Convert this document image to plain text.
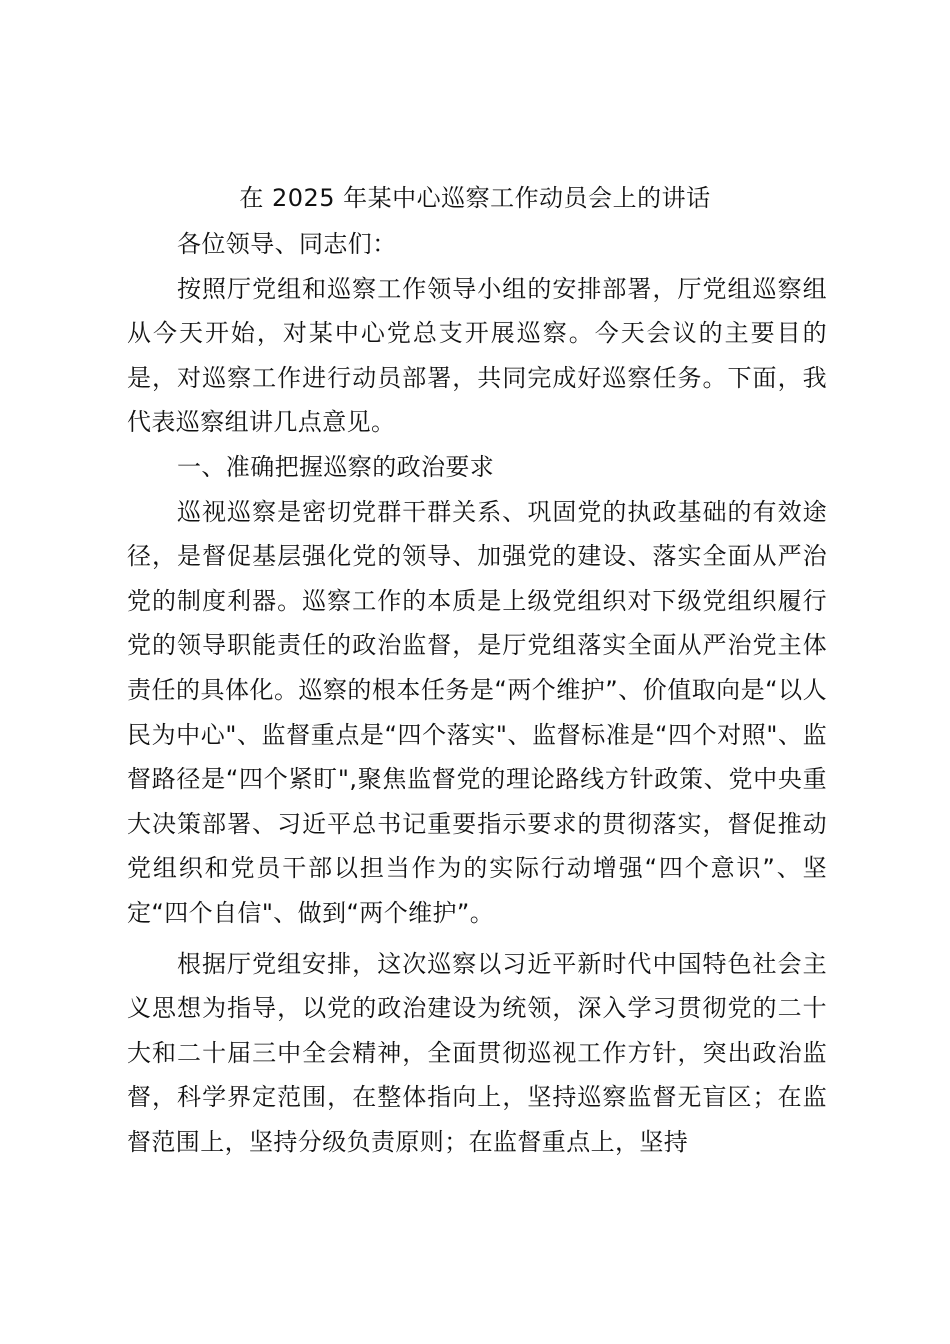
在 2025 年某中心巡察工作动员会上的讲话

各位领导、同志们：

按照厅党组和巡察工作领导小组的安排部署，厅党组巡察组从今天开始，对某中心党总支开展巡察。今天会议的主要目的是，对巡察工作进行动员部署，共同完成好巡察任务。下面，我代表巡察组讲几点意见。

一、准确把握巡察的政治要求

巡视巡察是密切党群干群关系、巩固党的执政基础的有效途径，是督促基层强化党的领导、加强党的建设、落实全面从严治党的制度利器。巡察工作的本质是上级党组织对下级党组织履行党的领导职能责任的政治监督，是厅党组落实全面从严治党主体责任的具体化。巡察的根本任务是“两个维护”、价值取向是“以人民为中心"、监督重点是“四个落实"、监督标准是“四个对照"、监督路径是“四个紧盯",聚焦监督党的理论路线方针政策、党中央重大决策部署、习近平总书记重要指示要求的贯彻落实，督促推动党组织和党员干部以担当作为的实际行动增强“四个意识”、坚定“四个自信"、做到“两个维护”。

根据厅党组安排，这次巡察以习近平新时代中国特色社会主义思想为指导，以党的政治建设为统领，深入学习贯彻党的二十大和二十届三中全会精神，全面贯彻巡视工作方针，突出政治监督，科学界定范围，在整体指向上，坚持巡察监督无盲区；在监督范围上，坚持分级负责原则；在监督重点上，坚持
